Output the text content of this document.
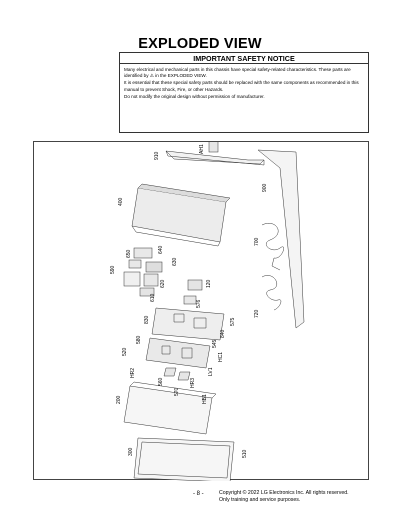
EXPLODED VIEW
IMPORTANT SAFETY NOTICE

Many electrical and mechanical parts in this chassis have special safety-related characteristics. These parts are identified by ⚠ in the EXPLODED VIEW.

It is essential that these special safety parts should be replaced with the same components as recommended in this manual to prevent Shock, Fire, or other Hazards.

Do not modify the original design without permission of manufacturer.

AH1
910
900
400
700
640
650
630
590
620	120
610
576
720
830	575
840
545
580
520
HC1
LV1
HR2
HR3
560
570
HB1
200
300	510
- 8 -	Copyright © 2022 LG Electronics Inc. All rights reserved.
Only training and service purposes.
